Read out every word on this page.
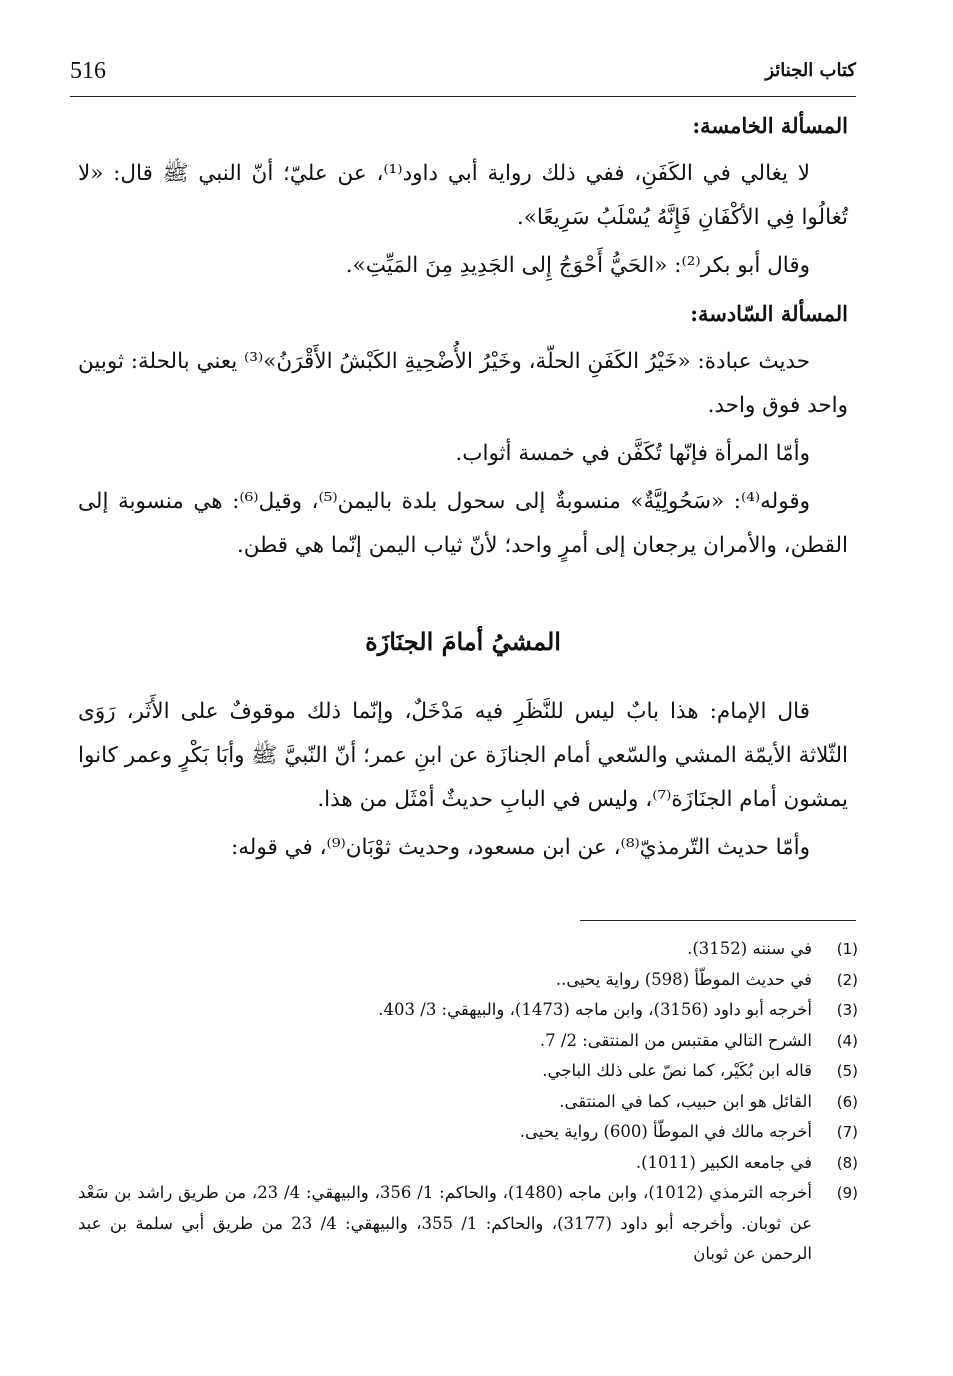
516	كتاب الجنائز

المسألة الخامسة:

لا يغالي في الكَفَنِ، ففي ذلك رواية أبي داود⁽¹⁾، عن عليّ؛ أنّ النبي ﷺ قال: «لا تُغالُوا فِي الأكْفَانِ فَإِنَّهُ يُسْلَبُ سَرِيعًا».

وقال أبو بكر⁽²⁾: «الحَيُّ أَحْوَجُ إِلى الجَدِيدِ مِنَ المَيِّتِ».

المسألة السّادسة:

حديث عبادة: «خَيْرُ الكَفَنِ الحلّة، وخَيْرُ الأُضْحِيةِ الكَبْشُ الأَقْرَنُ»⁽³⁾ يعني بالحلة: ثوبين واحد فوق واحد.

وأمّا المرأة فإنّها تُكَفَّن في خمسة أثواب.

وقوله⁽⁴⁾: «سَحُولِيَّةٌ» منسوبةٌ إلى سحول بلدة باليمن⁽⁵⁾، وقيل⁽⁶⁾: هي منسوبة إلى القطن، والأمران يرجعان إلى أمرٍ واحد؛ لأنّ ثياب اليمن إنّما هي قطن.

المشيُ أمامَ الجنَازَة

قال الإمام: هذا بابٌ ليس للنَّظَرِ فيه مَدْخَلٌ، وإنّما ذلك موقوفٌ على الأَثَر، رَوَى الثّلاثة الأيمّة المشي والسّعي أمام الجنازَة عن ابنِ عمر؛ أنّ النّبيَّ ﷺ وأبَا بَكْرٍ وعمر كانوا يمشون أمام الجنَازَة⁽⁷⁾، وليس في البابِ حديثٌ أمْثَل من هذا.

وأمّا حديث التّرمذيّ⁽⁸⁾، عن ابن مسعود، وحديث ثوْبَان⁽⁹⁾، في قوله:

(1)
في سننه (3152).
(2)
في حديث الموطّأ (598) رواية يحيى..
(3)
أخرجه أبو داود (3156)، وابن ماجه (1473)، والبيهقي: 3/ 403.
(4)
الشرح التالي مقتبس من المنتقى: 2/ 7.
(5)
قاله ابن بُكَيْر، كما نصّ على ذلك الباجي.
(6)
القائل هو ابن حبيب، كما في المنتقى.
(7)
أخرجه مالك في الموطّأ (600) رواية يحيى.
(8)
في جامعه الكبير (1011).
(9)
أخرجه الترمذي (1012)، وابن ماجه (1480)، والحاكم: 1/ 356، والبيهقي: 4/ 23، من طريق راشد بن سَعْد عن ثوبان. وأخرجه أبو داود (3177)، والحاكم: 1/ 355، والبيهقي: 4/ 23 من طريق أبي سلمة بن عبد الرحمن عن ثوبان
